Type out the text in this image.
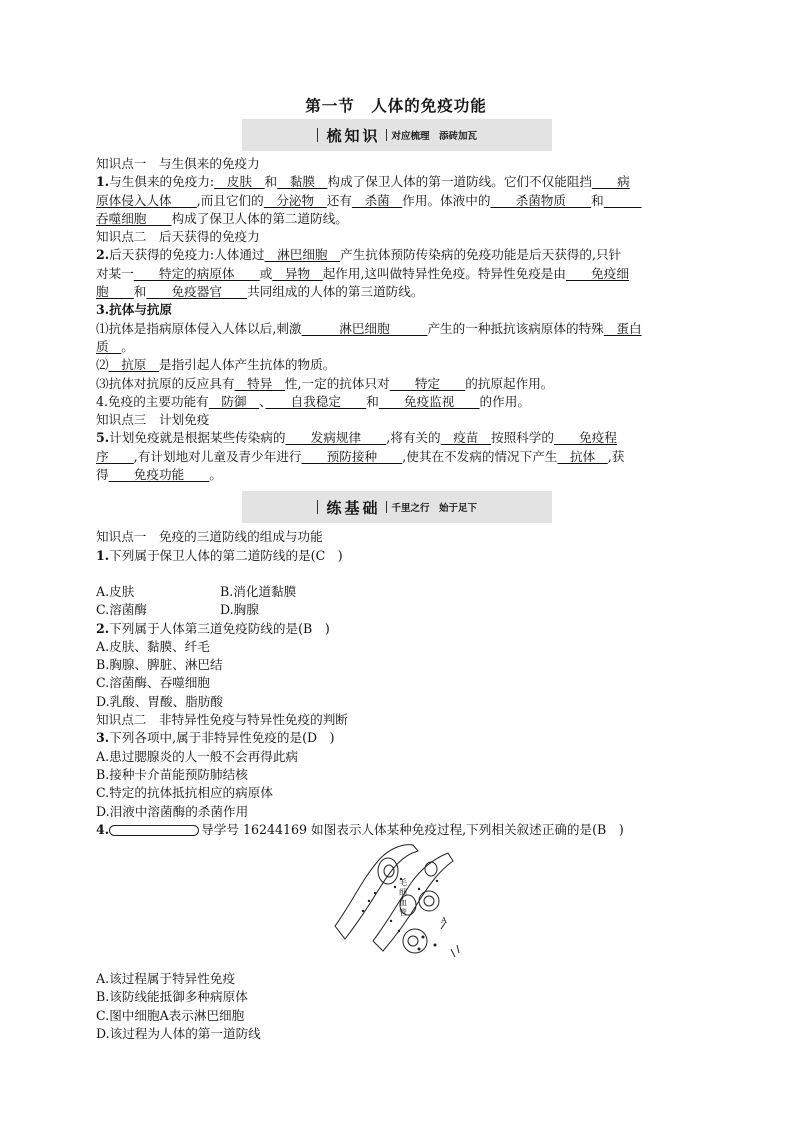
第一节　人体的免疫功能
梳知识 对应梳理　添砖加瓦
知识点一　与生俱来的免疫力
1.与生俱来的免疫力:　皮肤　和　黏膜　构成了保卫人体的第一道防线。它们不仅能阻挡　　病
原体侵入人体　　,而且它们的　分泌物　还有　杀菌　作用。体液中的　　杀菌物质　　和　　　
吞噬细胞　　构成了保卫人体的第二道防线。
知识点二　后天获得的免疫力
2.后天获得的免疫力:人体通过　淋巴细胞　产生抗体预防传染病的免疫功能是后天获得的,只针
对某一　　特定的病原体　　或　异物　起作用,这叫做特异性免疫。特异性免疫是由　　免疫细
胞　　和　　免疫器官　　共同组成的人体的第三道防线。
3.抗体与抗原
⑴抗体是指病原体侵入人体以后,刺激　　　淋巴细胞　　　产生的一种抵抗该病原体的特殊　蛋白
质　。
⑵　抗原　是指引起人体产生抗体的物质。
⑶抗体对抗原的反应具有　特异　性,一定的抗体只对　　特定　　的抗原起作用。
4.免疫的主要功能有　防御　、　　自我稳定　　和　　免疫监视　　的作用。
知识点三　计划免疫
5.计划免疫就是根据某些传染病的　　发病规律　　,将有关的　疫苗　按照科学的　　免疫程
序　　,有计划地对儿童及青少年进行　　预防接种　　,使其在不发病的情况下产生　抗体　,获
得　　免疫功能　　。
练基础 千里之行　始于足下
知识点一　免疫的三道防线的组成与功能
1.下列属于保卫人体的第二道防线的是(C　)
A.皮肤	B.消化道黏膜
C.溶菌酶	D.胸腺
2.下列属于人体第三道免疫防线的是(B　)
A.皮肤、黏膜、纤毛
B.胸腺、脾脏、淋巴结
C.溶菌酶、吞噬细胞
D.乳酸、胃酸、脂肪酸
知识点二　非特异性免疫与特异性免疫的判断
3.下列各项中,属于非特异性免疫的是(D　)
A.患过腮腺炎的人一般不会再得此病
B.接种卡介苗能预防肺结核
C.特定的抗体抵抗相应的病原体
D.泪液中溶菌酶的杀菌作用
4.	导学号 16244169 如图表示人体某种免疫过程,下列相关叙述正确的是(B　)
毛
细
血
管
A
A.该过程属于特异性免疫
B.该防线能抵御多种病原体
C.图中细胞A表示淋巴细胞
D.该过程为人体的第一道防线
